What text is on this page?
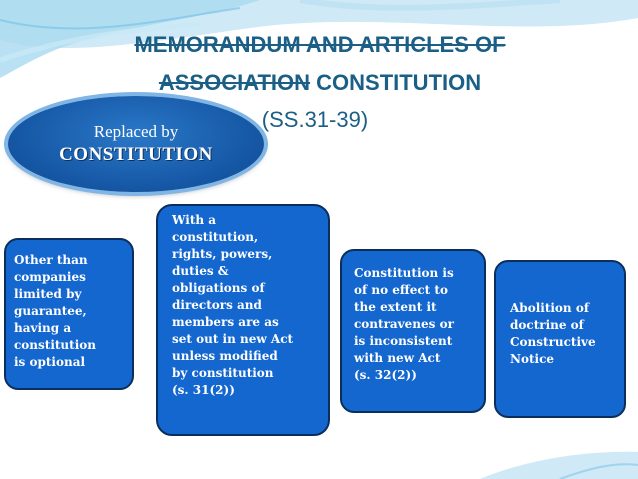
MEMORANDUM AND ARTICLES OF
ASSOCIATION CONSTITUTION
(SS.31-39)
Replaced by
CONSTITUTION
Other than
companies
limited by
guarantee,
having a
constitution
is optional
With a
constitution,
rights, powers,
duties &
obligations of
directors and
members are as
set out in new Act
unless modified
by constitution
(s. 31(2))
Constitution is
of no effect to
the extent it
contravenes or
is inconsistent
with new Act
(s. 32(2))
Abolition of
doctrine of
Constructive
Notice
